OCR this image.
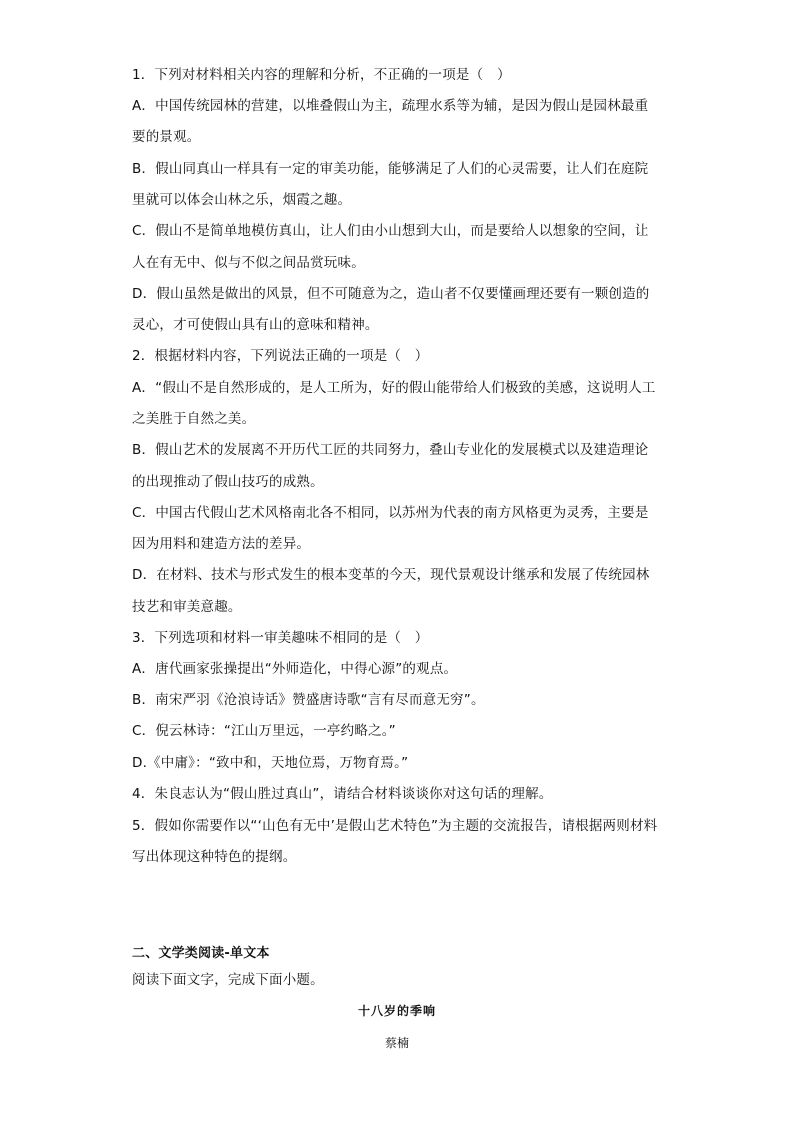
1．下列对材料相关内容的理解和分析，不正确的一项是（　）
A．中国传统园林的营建，以堆叠假山为主，疏理水系等为辅，是因为假山是园林最重
要的景观。
B．假山同真山一样具有一定的审美功能，能够满足了人们的心灵需要，让人们在庭院
里就可以体会山林之乐，烟霞之趣。
C．假山不是简单地模仿真山，让人们由小山想到大山，而是要给人以想象的空间，让
人在有无中、似与不似之间品赏玩味。
D．假山虽然是做出的风景，但不可随意为之，造山者不仅要懂画理还要有一颗创造的
灵心，才可使假山具有山的意味和精神。
2．根据材料内容，下列说法正确的一项是（　）
A．“假山不是自然形成的，是人工所为，好的假山能带给人们极致的美感，这说明人工
之美胜于自然之美。
B．假山艺术的发展离不开历代工匠的共同努力，叠山专业化的发展模式以及建造理论
的出现推动了假山技巧的成熟。
C．中国古代假山艺术风格南北各不相同，以苏州为代表的南方风格更为灵秀，主要是
因为用料和建造方法的差异。
D．在材料、技术与形式发生的根本变革的今天，现代景观设计继承和发展了传统园林
技艺和审美意趣。
3．下列选项和材料一审美趣味不相同的是（　）
A．唐代画家张操提出“外师造化，中得心源”的观点。
B．南宋严羽《沧浪诗话》赞盛唐诗歌“言有尽而意无穷”。
C．倪云林诗：“江山万里远，一亭约略之。”
D.《中庸》：“致中和，天地位焉，万物育焉。”
4．朱良志认为“假山胜过真山”，请结合材料谈谈你对这句话的理解。
5．假如你需要作以“‘山色有无中’是假山艺术特色”为主题的交流报告，请根据两则材料
写出体现这种特色的提纲。
二、文学类阅读-单文本
阅读下面文字，完成下面小题。
十八岁的季响
蔡楠
